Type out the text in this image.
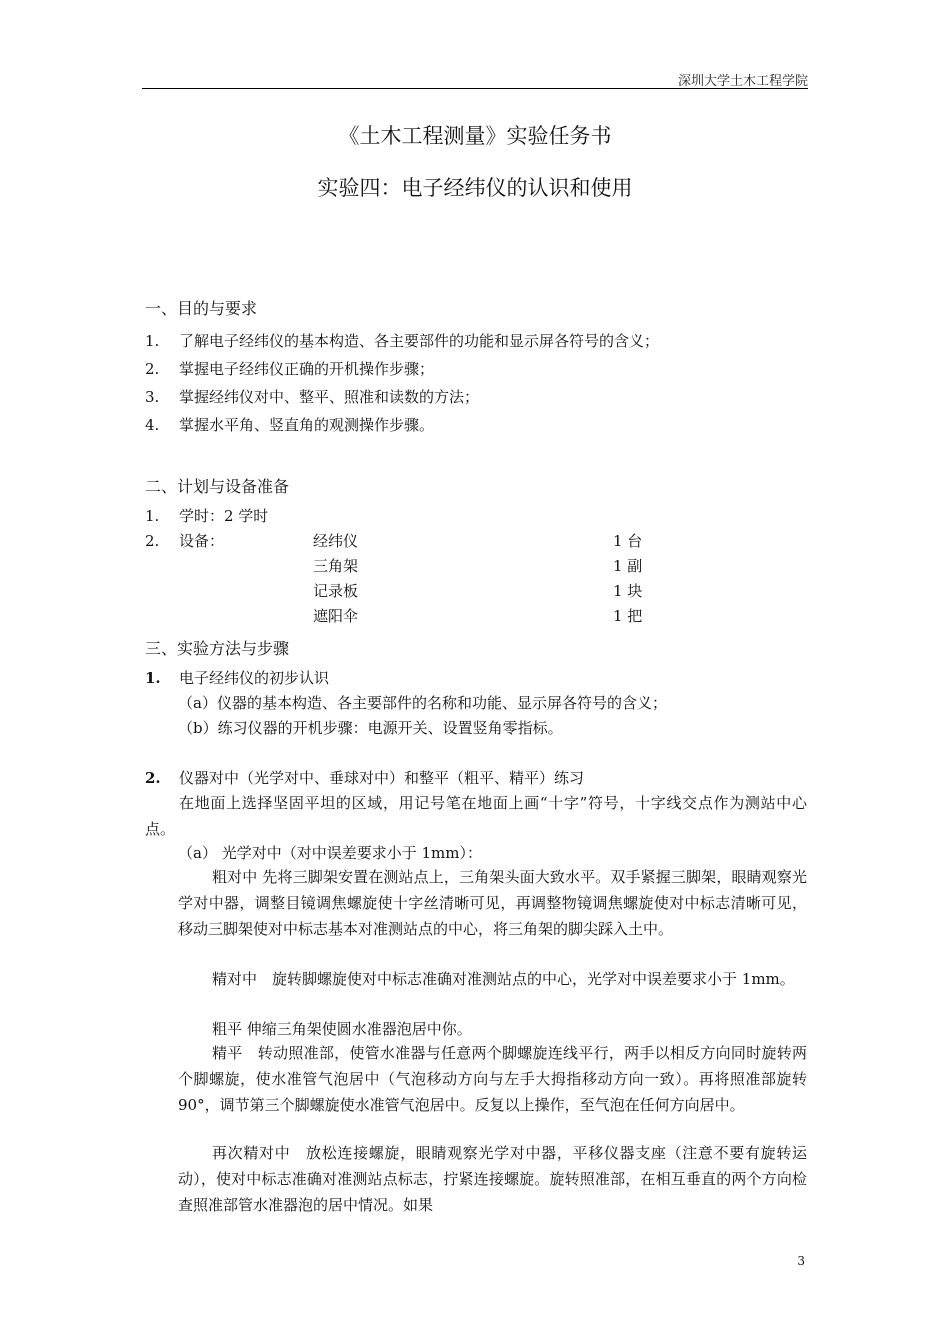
深圳大学土木工程学院
《土木工程测量》实验任务书
实验四：电子经纬仪的认识和使用
一、目的与要求
1. 了解电子经纬仪的基本构造、各主要部件的功能和显示屏各符号的含义；
2. 掌握电子经纬仪正确的开机操作步骤；
3. 掌握经纬仪对中、整平、照准和读数的方法；
4. 掌握水平角、竖直角的观测操作步骤。
二、计划与设备准备
1. 学时：2 学时
2. 设备：	经纬仪	1 台
三角架	1 副
记录板	1 块
遮阳伞	1 把
三、实验方法与步骤
1. 电子经纬仪的初步认识
（a）仪器的基本构造、各主要部件的名称和功能、显示屏各符号的含义；
（b）练习仪器的开机步骤：电源开关、设置竖角零指标。
2. 仪器对中（光学对中、垂球对中）和整平（粗平、精平）练习
在地面上选择坚固平坦的区域，用记号笔在地面上画“十字”符号，十字线交点作为测站中心点。
（a） 光学对中（对中误差要求小于 1mm）：
粗对中 先将三脚架安置在测站点上，三角架头面大致水平。双手紧握三脚架，眼睛观察光学对中器，调整目镜调焦螺旋使十字丝清晰可见，再调整物镜调焦螺旋使对中标志清晰可见，移动三脚架使对中标志基本对准测站点的中心，将三角架的脚尖踩入土中。
精对中　旋转脚螺旋使对中标志准确对准测站点的中心，光学对中误差要求小于 1mm。
粗平 伸缩三角架使圆水准器泡居中你。
精平　转动照准部，使管水准器与任意两个脚螺旋连线平行，两手以相反方向同时旋转两个脚螺旋，使水准管气泡居中（气泡移动方向与左手大拇指移动方向一致）。再将照准部旋转 90°，调节第三个脚螺旋使水准管气泡居中。反复以上操作，至气泡在任何方向居中。
再次精对中　放松连接螺旋，眼睛观察光学对中器，平移仪器支座（注意不要有旋转运动），使对中标志准确对准测站点标志，拧紧连接螺旋。旋转照准部，在相互垂直的两个方向检查照准部管水准器泡的居中情况。如果
3
